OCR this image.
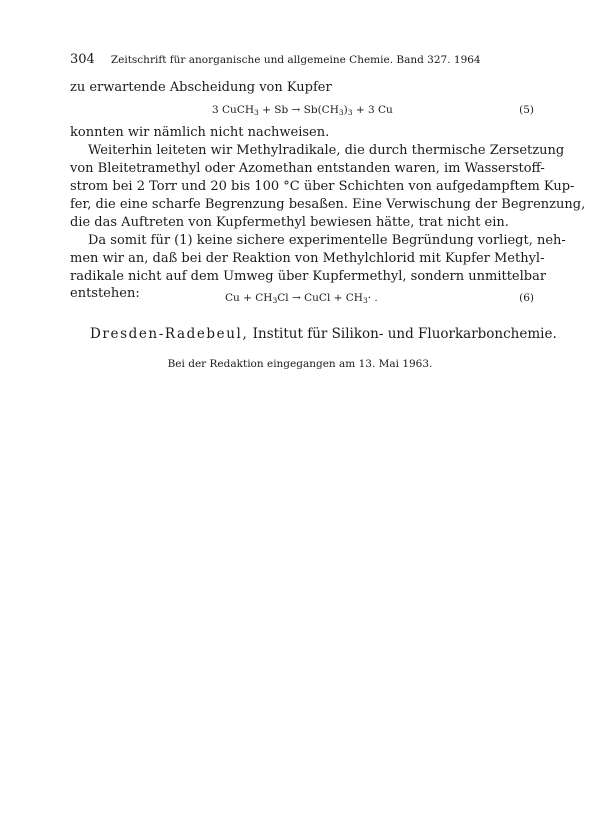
304 Zeitschrift für anorganische und allgemeine Chemie. Band 327. 1964
zu erwartende Abscheidung von Kupfer
3 CuCH$_3$ + $Sb \to Sb(CH_3)_3 + 3$ Cu	(5)
konnten wir nämlich nicht nachweisen.
Weiterhin leiteten wir Methylradikale, die durch thermische Zersetzung
von Bleitetramethyl oder Azomethan entstanden waren, im Wasserstoff-
strom bei 2 Torr und 20 bis 100 °C über Schichten von aufgedampftem Kup-
fer, die eine scharfe Begrenzung besaßen. Eine Verwischung der Begrenzung,
die das Auftreten von Kupfermethyl bewiesen hätte, trat nicht ein.
Da somit für (1) keine sichere experimentelle Begründung vorliegt, neh-
men wir an, daß bei der Reaktion von Methylchlorid mit Kupfer Methyl-
radikale nicht auf dem Umweg über Kupfermethyl, sondern unmittelbar
entstehen:	$Cu + CH_3Cl$ → CuCl + $CH_3\cdot$ .	(6)
Dresden-Radebeul, Institut für Silikon- und Fluorkarbonchemie.
Bei der Redaktion eingegangen am 13. Mai 1963.
